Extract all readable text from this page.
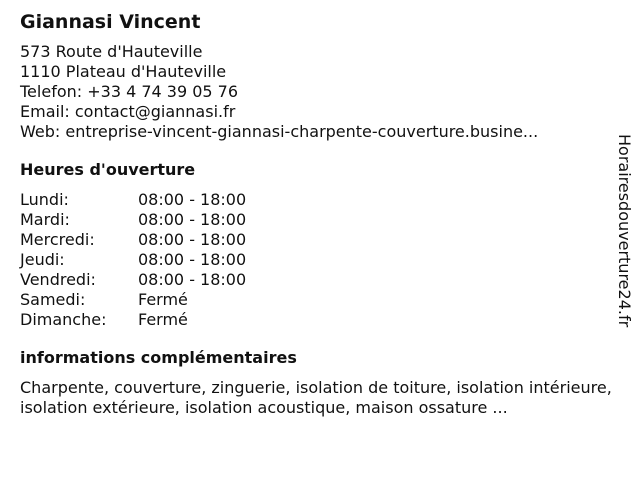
Giannasi Vincent
573 Route d'Hauteville
1110 Plateau d'Hauteville
Telefon: +33 4 74 39 05 76
Email: contact@giannasi.fr
Web: entreprise-vincent-giannasi-charpente-couverture.busine...
Heures d'ouverture
Lundi:	08:00 - 18:00
Mardi:	08:00 - 18:00
Mercredi:	08:00 - 18:00
Jeudi:	08:00 - 18:00
Vendredi:	08:00 - 18:00
Samedi:	Fermé
Dimanche:	Fermé
informations complémentaires
Charpente, couverture, zinguerie, isolation de toiture, isolation intérieure, isolation extérieure, isolation acoustique, maison ossature ...
Horairesdouverture24.fr
